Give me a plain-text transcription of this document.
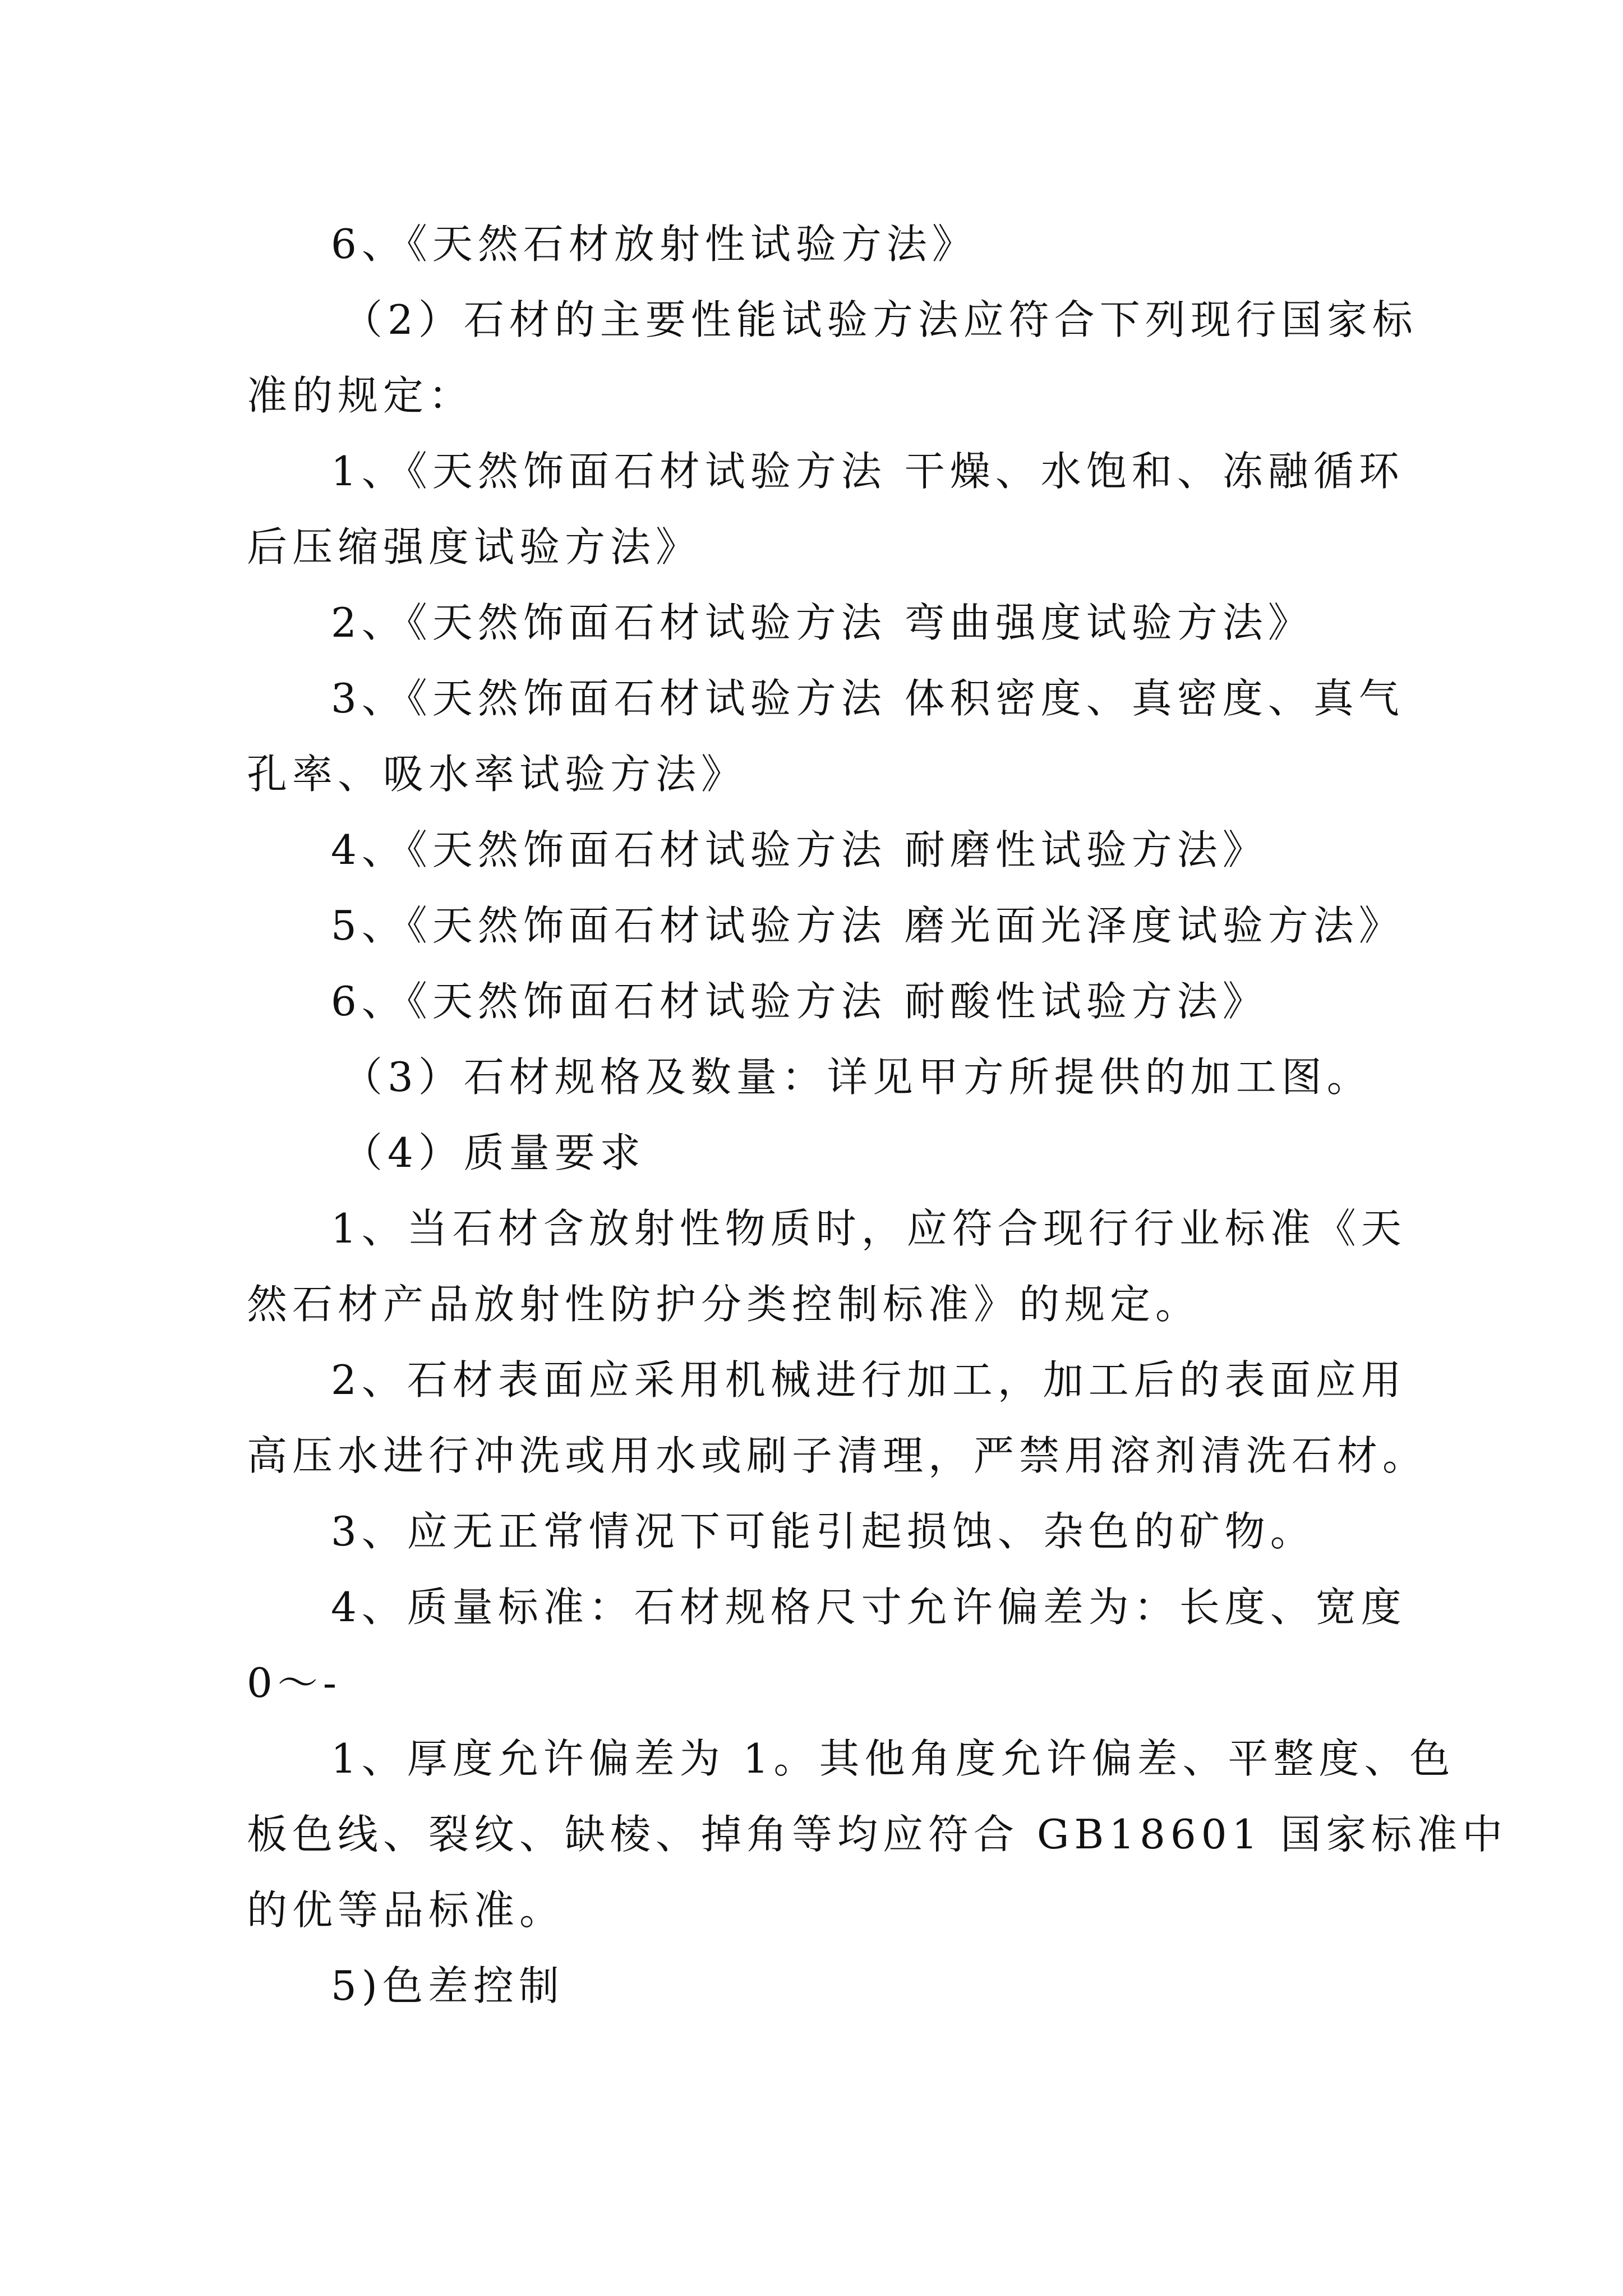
6、《天然石材放射性试验方法》
（2）石材的主要性能试验方法应符合下列现行国家标
准的规定：
1、《天然饰面石材试验方法 干燥、水饱和、冻融循环
后压缩强度试验方法》
2、《天然饰面石材试验方法 弯曲强度试验方法》
3、《天然饰面石材试验方法 体积密度、真密度、真气
孔率、吸水率试验方法》
4、《天然饰面石材试验方法 耐磨性试验方法》
5、《天然饰面石材试验方法 磨光面光泽度试验方法》
6、《天然饰面石材试验方法 耐酸性试验方法》
（3）石材规格及数量：详见甲方所提供的加工图。
（4）质量要求
1、当石材含放射性物质时，应符合现行行业标准《天
然石材产品放射性防护分类控制标准》的规定。
2、石材表面应采用机械进行加工，加工后的表面应用
高压水进行冲洗或用水或刷子清理，严禁用溶剂清洗石材。
3、应无正常情况下可能引起损蚀、杂色的矿物。
4、质量标准：石材规格尺寸允许偏差为：长度、宽度
0～-
1、厚度允许偏差为 1。其他角度允许偏差、平整度、色
板色线、裂纹、缺棱、掉角等均应符合 GB18601 国家标准中
的优等品标准。
5)色差控制
